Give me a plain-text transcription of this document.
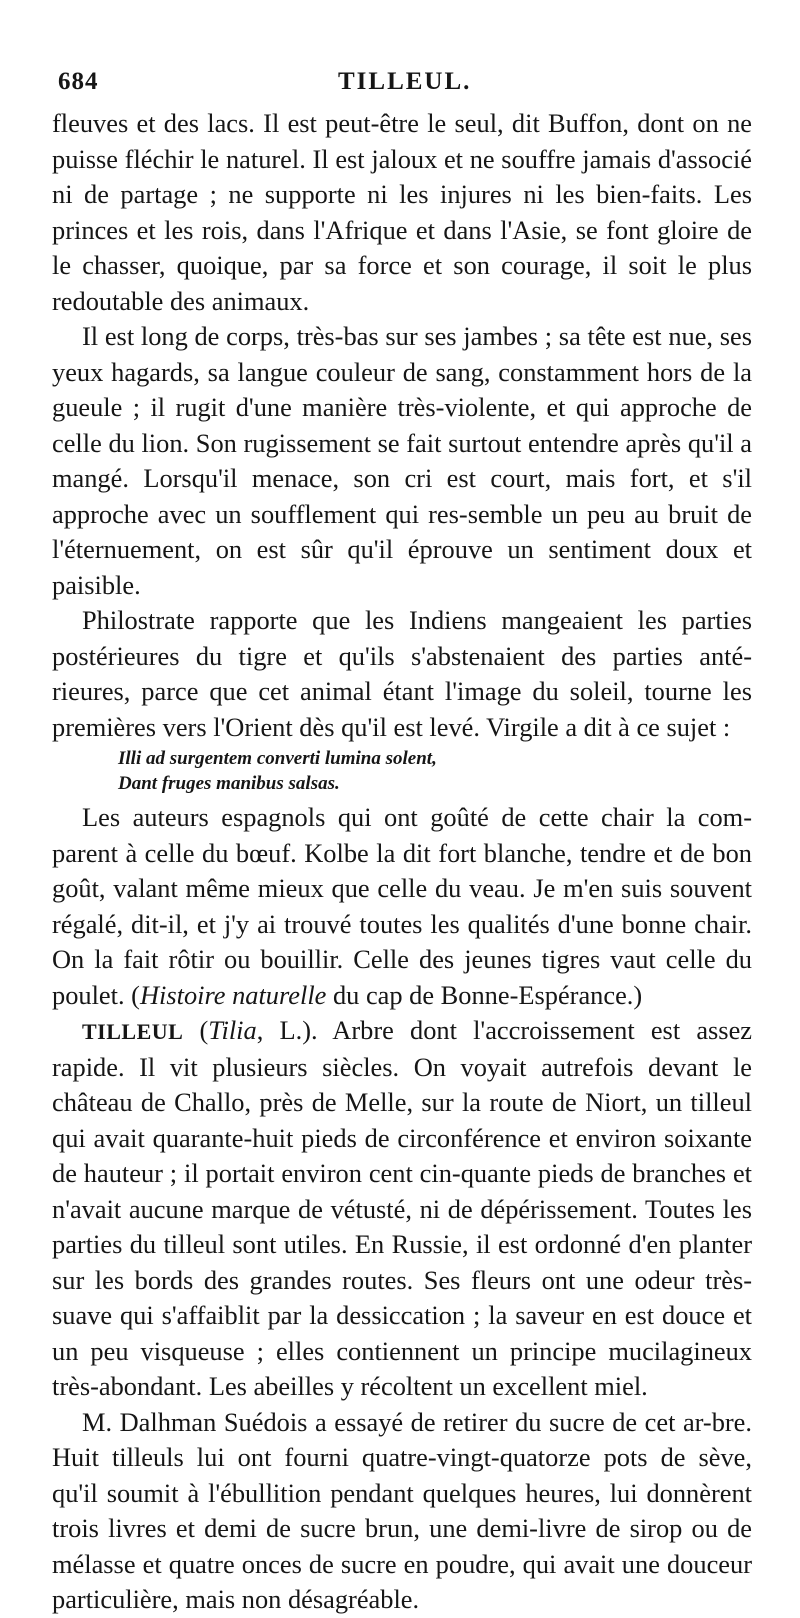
684	TILLEUL.

fleuves et des lacs. Il est peut-être le seul, dit Buffon, dont on ne puisse fléchir le naturel. Il est jaloux et ne souffre jamais d'associé ni de partage ; ne supporte ni les injures ni les bien-faits. Les princes et les rois, dans l'Afrique et dans l'Asie, se font gloire de le chasser, quoique, par sa force et son courage, il soit le plus redoutable des animaux.

Il est long de corps, très-bas sur ses jambes ; sa tête est nue, ses yeux hagards, sa langue couleur de sang, constamment hors de la gueule ; il rugit d'une manière très-violente, et qui approche de celle du lion. Son rugissement se fait surtout entendre après qu'il a mangé. Lorsqu'il menace, son cri est court, mais fort, et s'il approche avec un soufflement qui res-semble un peu au bruit de l'éternuement, on est sûr qu'il éprouve un sentiment doux et paisible.

Philostrate rapporte que les Indiens mangeaient les parties postérieures du tigre et qu'ils s'abstenaient des parties anté-rieures, parce que cet animal étant l'image du soleil, tourne les premières vers l'Orient dès qu'il est levé. Virgile a dit à ce sujet :

Illi ad surgentem converti lumina solent,
Dant fruges manibus salsas.

Les auteurs espagnols qui ont goûté de cette chair la com-parent à celle du bœuf. Kolbe la dit fort blanche, tendre et de bon goût, valant même mieux que celle du veau. Je m'en suis souvent régalé, dit-il, et j'y ai trouvé toutes les qualités d'une bonne chair. On la fait rôtir ou bouillir. Celle des jeunes tigres vaut celle du poulet. (Histoire naturelle du cap de Bonne-Espérance.)

TILLEUL (Tilia, L.). Arbre dont l'accroissement est assez rapide. Il vit plusieurs siècles. On voyait autrefois devant le château de Challo, près de Melle, sur la route de Niort, un tilleul qui avait quarante-huit pieds de circonférence et environ soixante de hauteur ; il portait environ cent cin-quante pieds de branches et n'avait aucune marque de vétusté, ni de dépérissement. Toutes les parties du tilleul sont utiles. En Russie, il est ordonné d'en planter sur les bords des grandes routes. Ses fleurs ont une odeur très-suave qui s'affaiblit par la dessiccation ; la saveur en est douce et un peu visqueuse ; elles contiennent un principe mucilagineux très-abondant. Les abeilles y récoltent un excellent miel.

M. Dalhman Suédois a essayé de retirer du sucre de cet ar-bre. Huit tilleuls lui ont fourni quatre-vingt-quatorze pots de sève, qu'il soumit à l'ébullition pendant quelques heures, lui donnèrent trois livres et demi de sucre brun, une demi-livre de sirop ou de mélasse et quatre onces de sucre en poudre, qui avait une douceur particulière, mais non désagréable.
